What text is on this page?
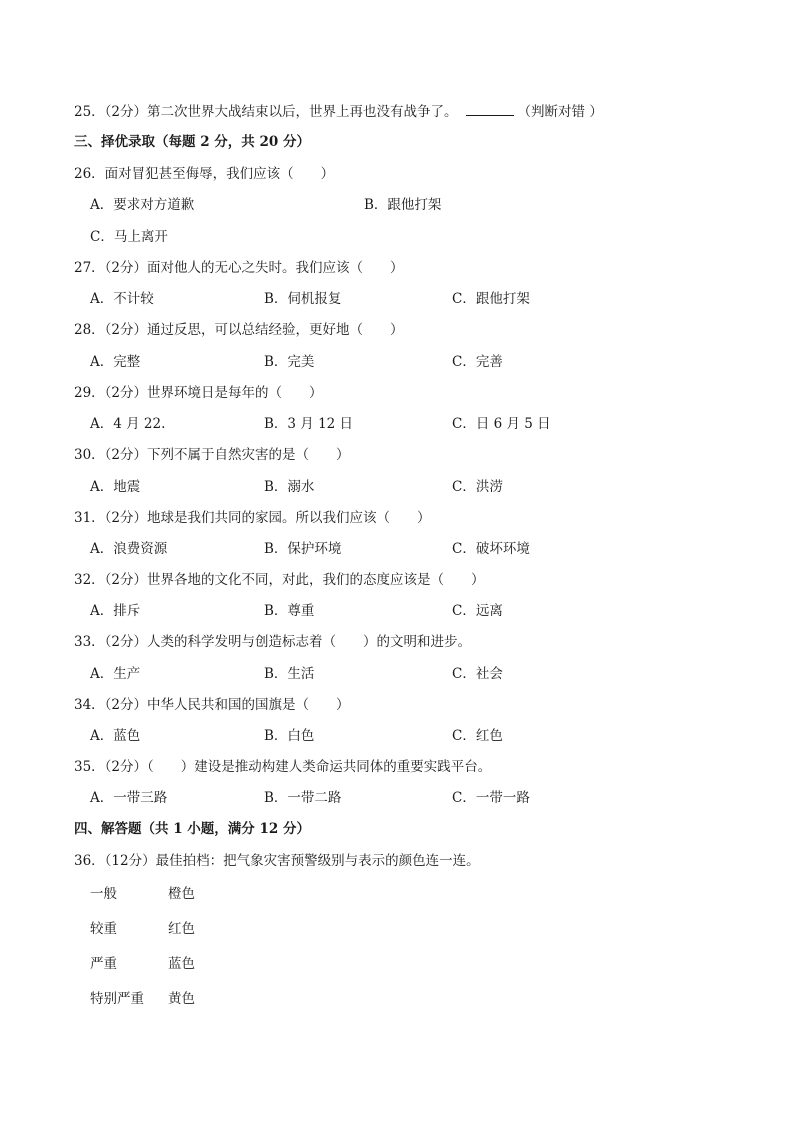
25．（2分）第二次世界大战结束以后，世界上再也没有战争了。	（判断对错 ）
三、择优录取（每题 2 分，共 20 分）
26．面对冒犯甚至侮辱，我们应该（　　）
A．要求对方道歉	B．跟他打架
C．马上离开
27．（2分）面对他人的无心之失时。我们应该（　　）
A．不计较	B．伺机报复	C．跟他打架
28．（2分）通过反思，可以总结经验，更好地（　　）
A．完整	B．完美	C．完善
29．（2分）世界环境日是每年的（　　）
A．4 月 22.	B．3 月 12 日	C．日 6 月 5 日
30．（2分）下列不属于自然灾害的是（　　）
A．地震	B．溺水	C．洪涝
31．（2分）地球是我们共同的家园。所以我们应该（　　）
A．浪费资源	B．保护环境	C．破坏环境
32．（2分）世界各地的文化不同，对此，我们的态度应该是（　　）
A．排斥	B．尊重	C．远离
33．（2分）人类的科学发明与创造标志着（　　）的文明和进步。
A．生产	B．生活	C．社会
34．（2分）中华人民共和国的国旗是（　　）
A．蓝色	B．白色	C．红色
35．（2分）（　　）建设是推动构建人类命运共同体的重要实践平台。
A．一带三路	B．一带二路	C．一带一路
四、解答题（共 1 小题，满分 12 分）
36．（12分）最佳拍档：把气象灾害预警级别与表示的颜色连一连。
一般	橙色
较重	红色
严重	蓝色
特别严重 黄色
